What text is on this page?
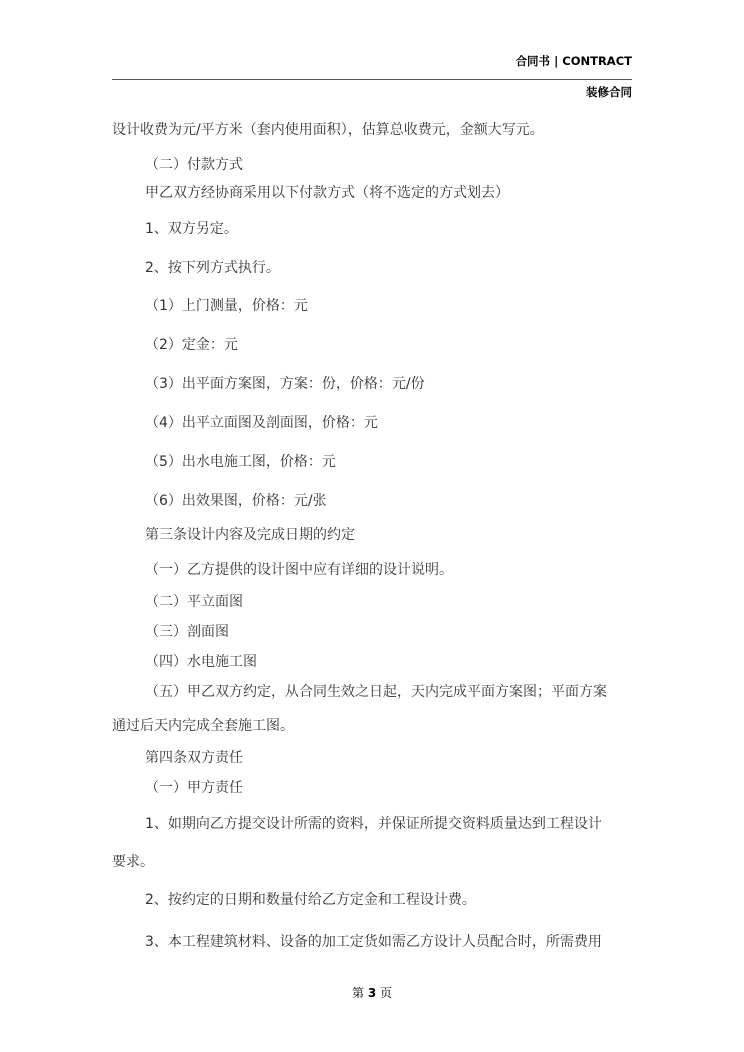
合同书 | CONTRACT
装修合同
设计收费为元/平方米（套内使用面积），估算总收费元，金额大写元。
（二）付款方式
甲乙双方经协商采用以下付款方式（将不选定的方式划去）
1、双方另定。
2、按下列方式执行。
（1）上门测量，价格：元
（2）定金：元
（3）出平面方案图，方案：份，价格：元/份
（4）出平立面图及剖面图，价格：元
（5）出水电施工图，价格：元
（6）出效果图，价格：元/张
第三条设计内容及完成日期的约定
（一）乙方提供的设计图中应有详细的设计说明。
（二）平立面图
（三）剖面图
（四）水电施工图
（五）甲乙双方约定，从合同生效之日起，天内完成平面方案图；平面方案
通过后天内完成全套施工图。
第四条双方责任
（一）甲方责任
1、如期向乙方提交设计所需的资料，并保证所提交资料质量达到工程设计
要求。
2、按约定的日期和数量付给乙方定金和工程设计费。
3、本工程建筑材料、设备的加工定货如需乙方设计人员配合时，所需费用
第 3 页
